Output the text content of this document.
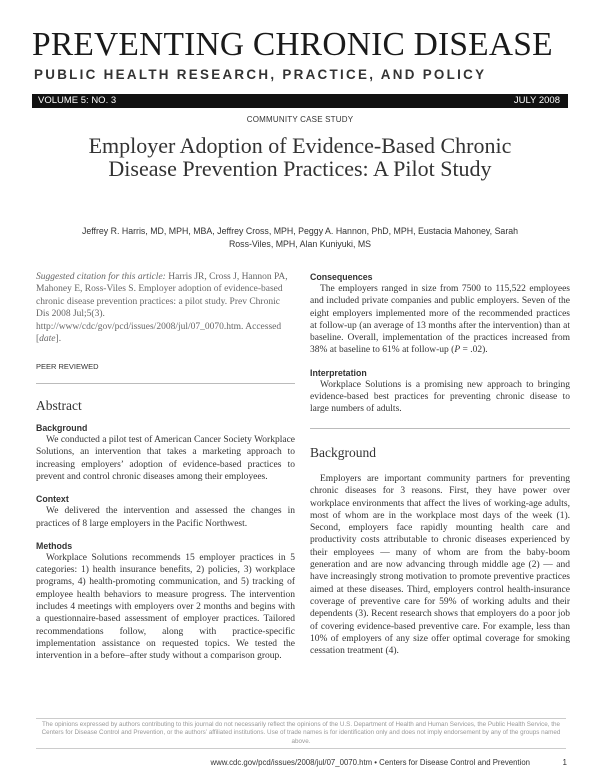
PREVENTING CHRONIC DISEASE
PUBLIC HEALTH RESEARCH, PRACTICE, AND POLICY
VOLUME 5: NO. 3	JULY 2008
COMMUNITY CASE STUDY
Employer Adoption of Evidence-Based Chronic Disease Prevention Practices: A Pilot Study
Jeffrey R. Harris, MD, MPH, MBA, Jeffrey Cross, MPH, Peggy A. Hannon, PhD, MPH, Eustacia Mahoney, Sarah Ross-Viles, MPH, Alan Kuniyuki, MS

Suggested citation for this article: Harris JR, Cross J, Hannon PA, Mahoney E, Ross-Viles S. Employer adoption of evidence-based chronic disease prevention practices: a pilot study. Prev Chronic Dis 2008 Jul;5(3). http://www/cdc/gov/pcd/issues/2008/jul/07_0070.htm. Accessed [date].

PEER REVIEWED
Abstract

Background

We conducted a pilot test of American Cancer Society Workplace Solutions, an intervention that takes a marketing approach to increasing employers’ adoption of evidence-based practices to prevent and control chronic diseases among their employees.

Context

We delivered the intervention and assessed the changes in practices of 8 large employers in the Pacific Northwest.

Methods

Workplace Solutions recommends 15 employer practices in 5 categories: 1) health insurance benefits, 2) policies, 3) workplace programs, 4) health-promoting communication, and 5) tracking of employee health behaviors to measure progress. The intervention includes 4 meetings with employers over 2 months and begins with a questionnaire-based assessment of employer practices. Tailored recommendations follow, along with practice-specific implementation assistance on requested topics. We tested the intervention in a before–after study without a comparison group.

Consequences

The employers ranged in size from 7500 to 115,522 employees and included private companies and public employers. Seven of the eight employers implemented more of the recommended practices at follow-up (an average of 13 months after the intervention) than at baseline. Overall, implementation of the practices increased from 38% at baseline to 61% at follow-up (P = .02).

Interpretation

Workplace Solutions is a promising new approach to bringing evidence-based best practices for preventing chronic disease to large numbers of adults.

Background

Employers are important community partners for preventing chronic diseases for 3 reasons. First, they have power over workplace environments that affect the lives of working-age adults, most of whom are in the workplace most days of the week (1). Second, employers face rapidly mounting health care and productivity costs attributable to chronic diseases experienced by their employees — many of whom are from the baby-boom generation and are now advancing through middle age (2) — and have increasingly strong motivation to promote preventive practices aimed at these diseases. Third, employers control health-insurance coverage of preventive care for 59% of working adults and their dependents (3). Recent research shows that employers do a poor job of covering evidence-based preventive care. For example, less than 10% of employers of any size offer optimal coverage for smoking cessation treatment (4).

The opinions expressed by authors contributing to this journal do not necessarily reflect the opinions of the U.S. Department of Health and Human Services, the Public Health Service, the Centers for Disease Control and Prevention, or the authors’ affiliated institutions. Use of trade names is for identification only and does not imply endorsement by any of the groups named above.
www.cdc.gov/pcd/issues/2008/jul/07_0070.htm • Centers for Disease Control and Prevention	1
